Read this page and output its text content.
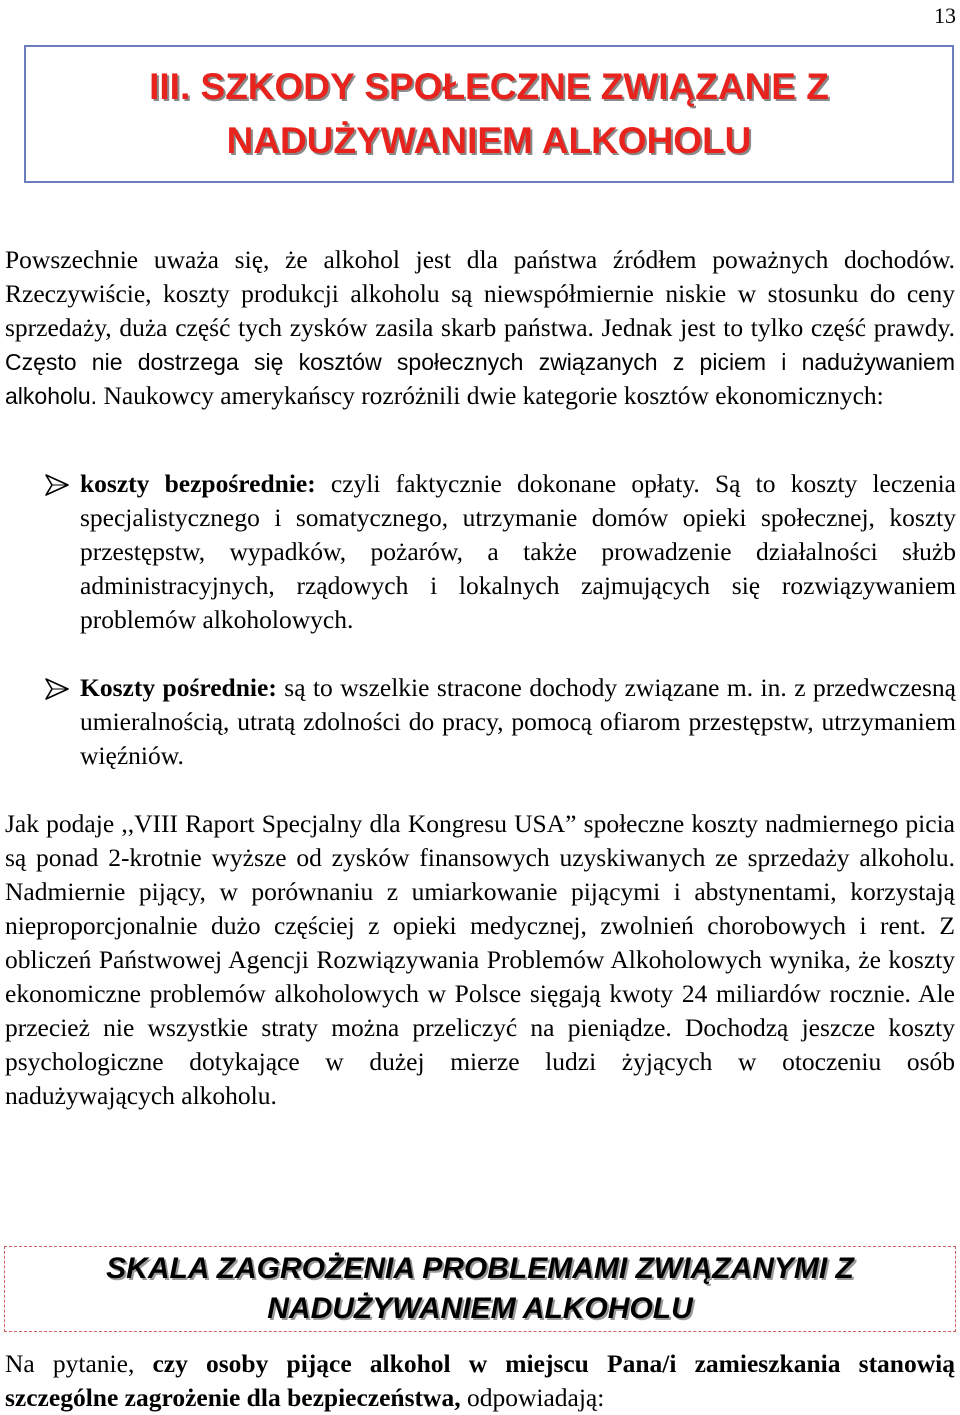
13
III. SZKODY SPOŁECZNE ZWIĄZANE Z
NADUŻYWANIEM ALKOHOLU
Powszechnie uważa się, że alkohol jest dla państwa źródłem poważnych dochodów. Rzeczywiście, koszty produkcji alkoholu są niewspółmiernie niskie w stosunku do ceny sprzedaży, duża część tych zysków zasila skarb państwa. Jednak jest to tylko część prawdy. Często nie dostrzega się kosztów społecznych związanych z piciem i nadużywaniem alkoholu. Naukowcy amerykańscy rozróżnili dwie kategorie kosztów ekonomicznych:
koszty bezpośrednie: czyli faktycznie dokonane opłaty. Są to koszty leczenia specjalistycznego i somatycznego, utrzymanie domów opieki społecznej, koszty przestępstw, wypadków, pożarów, a także prowadzenie działalności służb administracyjnych, rządowych i lokalnych zajmujących się rozwiązywaniem problemów alkoholowych.
Koszty pośrednie: są to wszelkie stracone dochody związane m. in. z przedwczesną umieralnością, utratą zdolności do pracy, pomocą ofiarom przestępstw, utrzymaniem więźniów.
Jak podaje ,,VIII Raport Specjalny dla Kongresu USA” społeczne koszty nadmiernego picia są ponad 2-krotnie wyższe od zysków finansowych uzyskiwanych ze sprzedaży alkoholu. Nadmiernie pijący, w porównaniu z umiarkowanie pijącymi i abstynentami, korzystają nieproporcjonalnie dużo częściej z opieki medycznej, zwolnień chorobowych i rent. Z obliczeń Państwowej Agencji Rozwiązywania Problemów Alkoholowych wynika, że koszty ekonomiczne problemów alkoholowych w Polsce sięgają kwoty 24 miliardów rocznie. Ale przecież nie wszystkie straty można przeliczyć na pieniądze. Dochodzą jeszcze koszty psychologiczne dotykające w dużej mierze ludzi żyjących w otoczeniu osób nadużywających alkoholu.
SKALA ZAGROŻENIA PROBLEMAMI ZWIĄZANYMI Z
NADUŻYWANIEM ALKOHOLU
Na pytanie, czy osoby pijące alkohol w miejscu Pana/i zamieszkania stanowią szczególne zagrożenie dla bezpieczeństwa, odpowiadają:
